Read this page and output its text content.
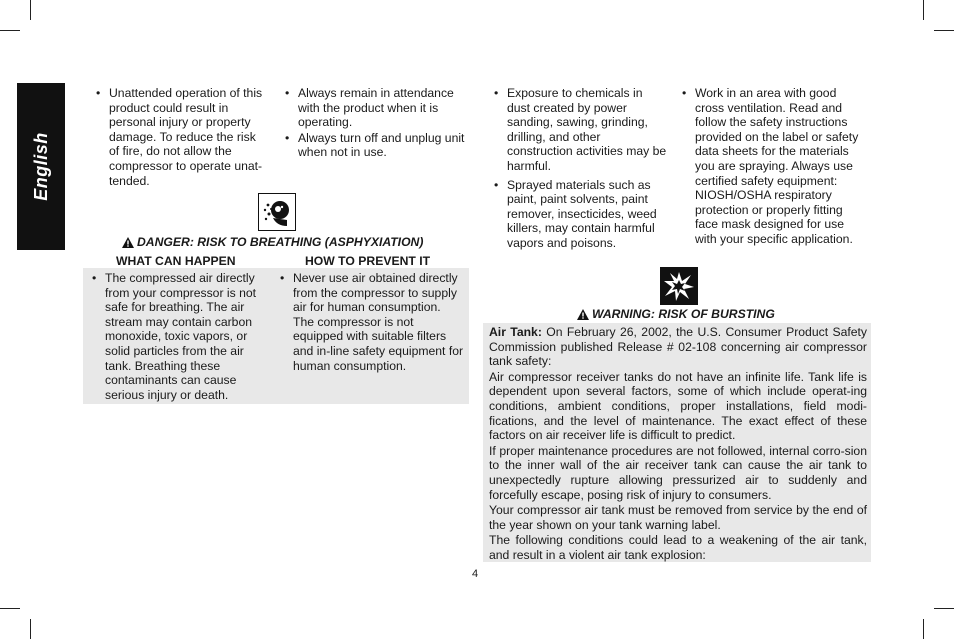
English
• Unattended operation of this product could result in personal injury or property damage. To reduce the risk of fire, do not allow the compressor to operate unat-tended.
• Always remain in attendance with the product when it is operating.
• Always turn off and unplug unit when not in use.
DANGER: RISK TO BREATHING (ASPHYXIATION)
WHAT CAN HAPPEN	HOW TO PREVENT IT
• The compressed air directly from your compressor is not safe for breathing. The air stream may contain carbon monoxide, toxic vapors, or solid particles from the air tank. Breathing these contaminants can cause serious injury or death.
• Never use air obtained directly from the compressor to supply air for human consumption. The compressor is not equipped with suitable filters and in-line safety equipment for human consumption.
• Exposure to chemicals in dust created by power sanding, sawing, grinding, drilling, and other construction activities may be harmful.
• Sprayed materials such as paint, paint solvents, paint remover, insecticides, weed killers, may contain harmful vapors and poisons.
• Work in an area with good cross ventilation. Read and follow the safety instructions provided on the label or safety data sheets for the materials you are spraying. Always use certified safety equipment: NIOSH/OSHA respiratory protection or properly fitting face mask designed for use with your specific application.
WARNING: RISK OF BURSTING

Air Tank: On February 26, 2002, the U.S. Consumer Product Safety Commission published Release # 02-108 concerning air compressor tank safety:

Air compressor receiver tanks do not have an infinite life. Tank life is dependent upon several factors, some of which include operat-ing conditions, ambient conditions, proper installations, field modi-fications, and the level of maintenance. The exact effect of these factors on air receiver life is difficult to predict.

If proper maintenance procedures are not followed, internal corro-sion to the inner wall of the air receiver tank can cause the air tank to unexpectedly rupture allowing pressurized air to suddenly and forcefully escape, posing risk of injury to consumers.

Your compressor air tank must be removed from service by the end of the year shown on your tank warning label.

The following conditions could lead to a weakening of the air tank, and result in a violent air tank explosion:

4
